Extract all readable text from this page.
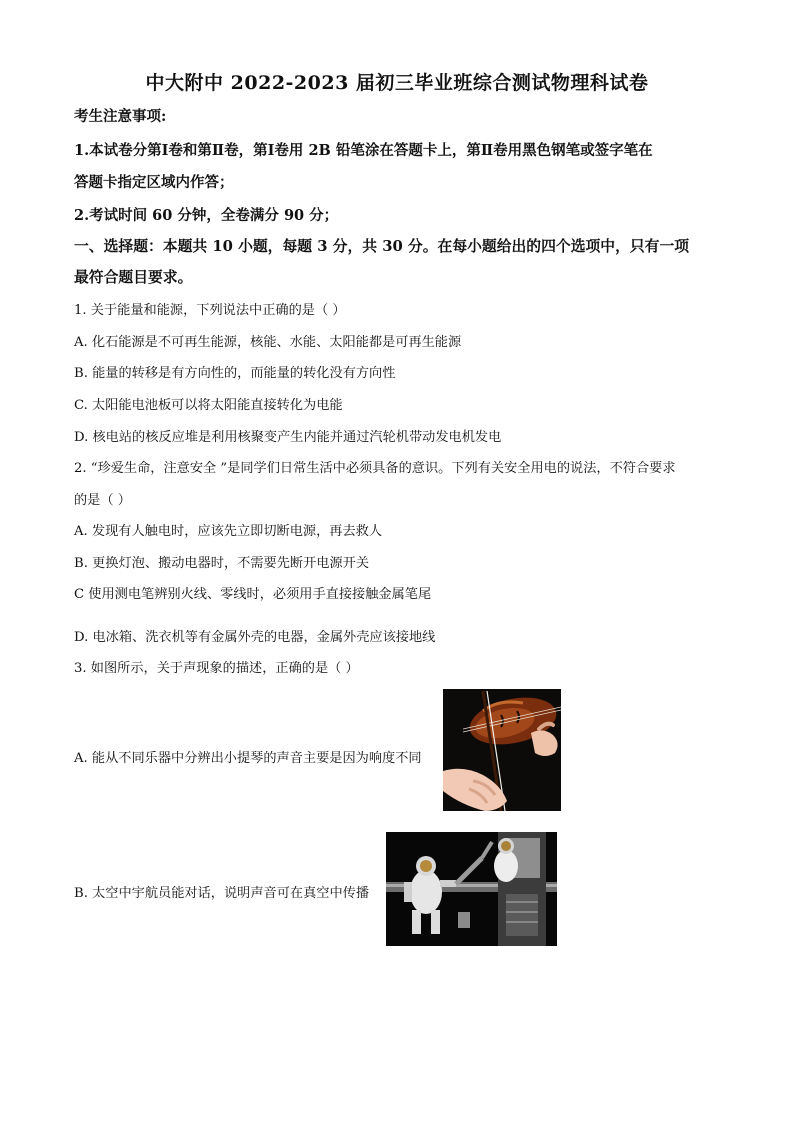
中大附中 2022-2023 届初三毕业班综合测试物理科试卷
考生注意事项:
1.本试卷分第Ⅰ卷和第Ⅱ卷，第Ⅰ卷用 2B 铅笔涂在答题卡上，第Ⅱ卷用黑色钢笔或签字笔在
答题卡指定区域内作答；
2.考试时间 60 分钟，全卷满分 90 分；
一、选择题：本题共 10 小题，每题 3 分，共 30 分。在每小题给出的四个选项中，只有一项
最符合题目要求。
1. 关于能量和能源，下列说法中正确的是（ ）
A. 化石能源是不可再生能源，核能、水能、太阳能都是可再生能源
B. 能量的转移是有方向性的，而能量的转化没有方向性
C. 太阳能电池板可以将太阳能直接转化为电能
D. 核电站的核反应堆是利用核聚变产生内能并通过汽轮机带动发电机发电
2. “珍爱生命，注意安全 ”是同学们日常生活中必须具备的意识。下列有关安全用电的说法，不符合要求
的是（ ）
A. 发现有人触电时，应该先立即切断电源，再去救人
B. 更换灯泡、搬动电器时，不需要先断开电源开关
C 使用测电笔辨别火线、零线时，必须用手直接接触金属笔尾
D. 电冰箱、洗衣机等有金属外壳的电器，金属外壳应该接地线
3. 如图所示，关于声现象的描述，正确的是（ ）
A. 能从不同乐器中分辨出小提琴的声音主要是因为响度不同
B. 太空中宇航员能对话，说明声音可在真空中传播
